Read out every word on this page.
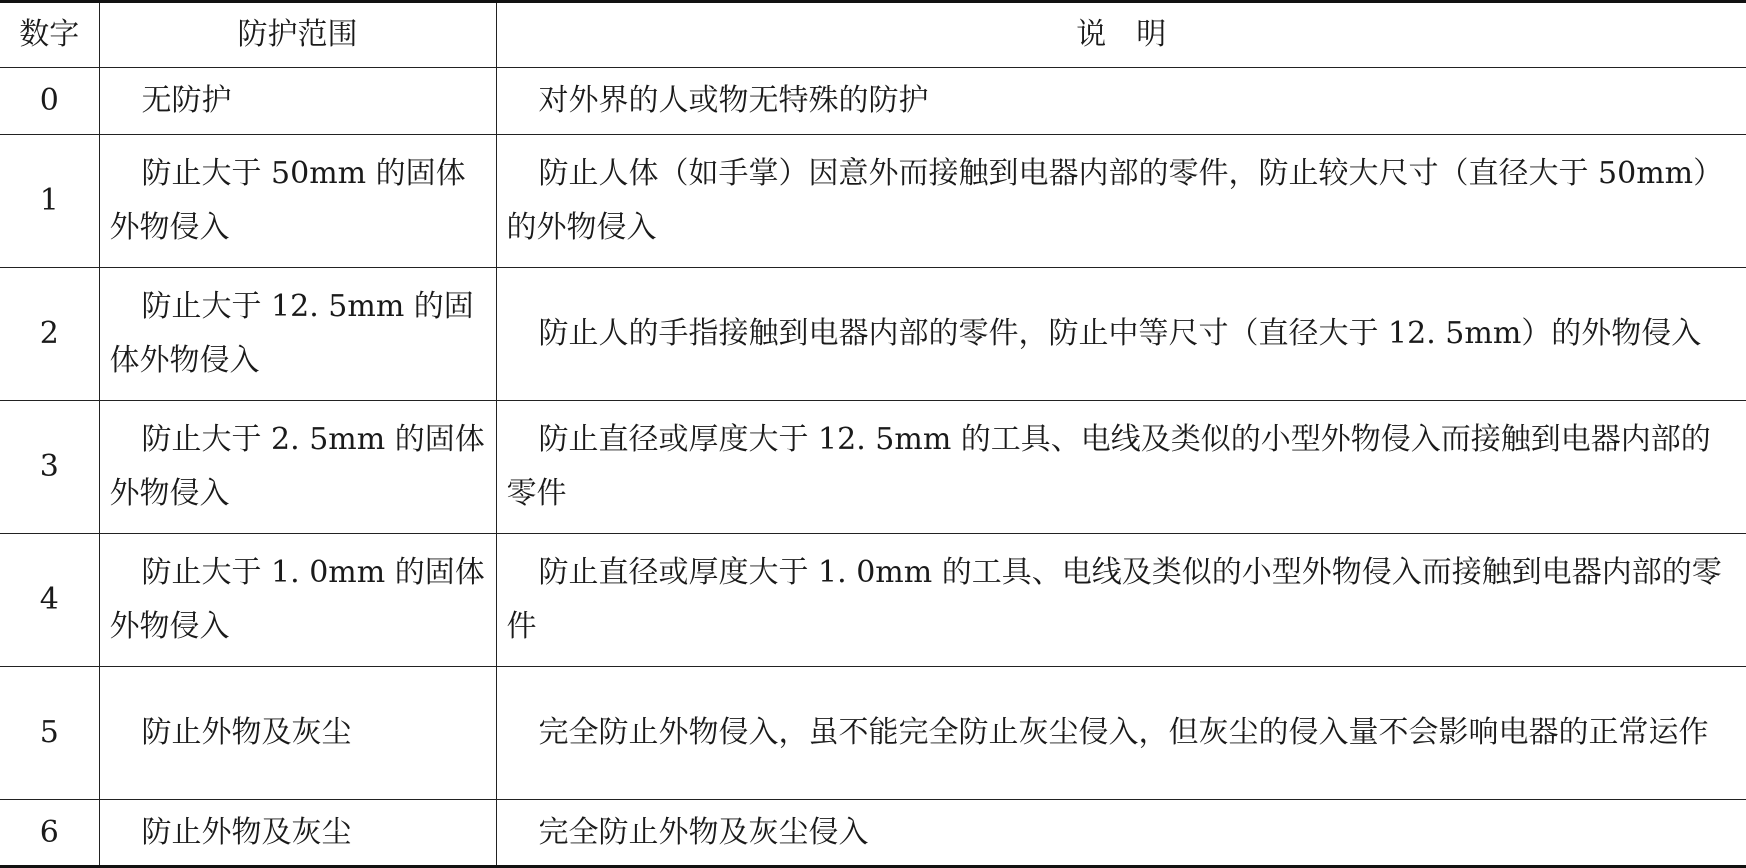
数字	防护范围	说　明
0	无防护	对外界的人或物无特殊的防护
1	防止大于 50mm 的固体外物侵入	防止人体（如手掌）因意外而接触到电器内部的零件，防止较大尺寸（直径大于 50mm）的外物侵入
2	防止大于 12. 5mm 的固体外物侵入	防止人的手指接触到电器内部的零件，防止中等尺寸（直径大于 12. 5mm）的外物侵入
3	防止大于 2. 5mm 的固体外物侵入	防止直径或厚度大于 12. 5mm 的工具、电线及类似的小型外物侵入而接触到电器内部的零件
4	防止大于 1. 0mm 的固体外物侵入	防止直径或厚度大于 1. 0mm 的工具、电线及类似的小型外物侵入而接触到电器内部的零件
5	防止外物及灰尘	完全防止外物侵入，虽不能完全防止灰尘侵入，但灰尘的侵入量不会影响电器的正常运作
6	防止外物及灰尘	完全防止外物及灰尘侵入
